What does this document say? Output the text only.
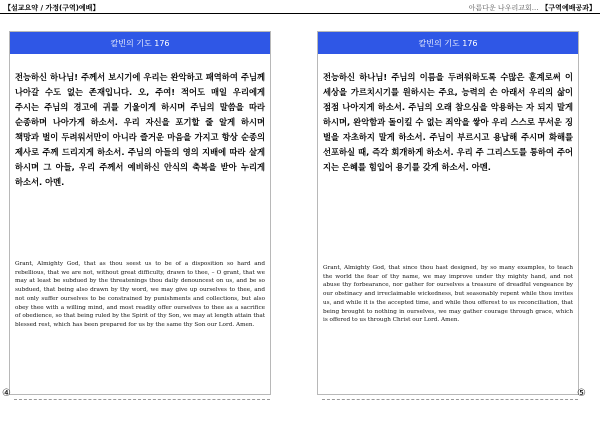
【설교요약 / 가정(구역)예배】	아름다운 나우리교회... 【구역예배공과】
칼빈의 기도 176
전능하신 하나님! 주께서 보시기에 우리는 완악하고 패역하여 주님께 나아갈 수도 없는 존재입니다. 오, 주여! 적어도 매일 우리에게 주시는 주님의 경고에 귀를 기울이게 하시며 주님의 말씀을 따라 순종하며 나아가게 하소서. 우리 자신을 포기할 줄 알게 하시며 책망과 벌이 두려워서만이 아니라 즐거운 마음을 가지고 항상 순종의 제사로 주께 드리지게 하소서. 주님의 아들의 영의 지배에 따라 살게 하시며 그 아들, 우리 주께서 예비하신 안식의 축복을 받아 누리게 하소서. 아멘.
Grant, Almighty God, that as thou seest us to be of a disposition so hard and rebellious, that we are not, without great difficulty, drawn to thee, – O grant, that we may at least be subdued by the threatenings thou daily denouncest on us, and be so subdued, that being also drawn by thy word, we may give up ourselves to thee, and not only suffer ourselves to be constrained by punishments and collections, but also obey thee with a willing mind, and most readily offer ourselves to thee as a sacrifice of obedience, so that being ruled by the Spirit of thy Son, we may at length attain that blessed rest, which has been prepared for us by the same thy Son our Lord. Amen.
칼빈의 기도 176
전능하신 하나님! 주님의 이름을 두려워하도록 수많은 훈계로써 이 세상을 가르치시기를 원하시는 주요, 능력의 손 아래서 우리의 삶이 점점 나아지게 하소서. 주님의 오래 참으심을 악용하는 자 되지 말게 하시며, 완악함과 돌이킬 수 없는 죄악을 쌓아 우리 스스로 무서운 징벌을 자초하지 말게 하소서. 주님이 부르시고 용납해 주시며 화해를 선포하실 때, 즉각 회개하게 하소서. 우리 주 그리스도를 통하여 주어지는 은혜를 힘입어 용기를 갖게 하소서. 아멘.
Grant, Almighty God, that since thou hast designed, by so many examples, to teach the world the fear of thy name, we may improve under thy mighty hand, and not abuse thy forbearance, nor gather for ourselves a treasure of dreadful vengeance by our obstinacy and irreclaimable wickedness, but seasonably repent while thou invites us, and while it is the accepted time, and while thou offerest to us reconciliation, that being brought to nothing in ourselves, we may gather courage through grace, which is offered to us through Christ our Lord. Amen.
④	⑤
